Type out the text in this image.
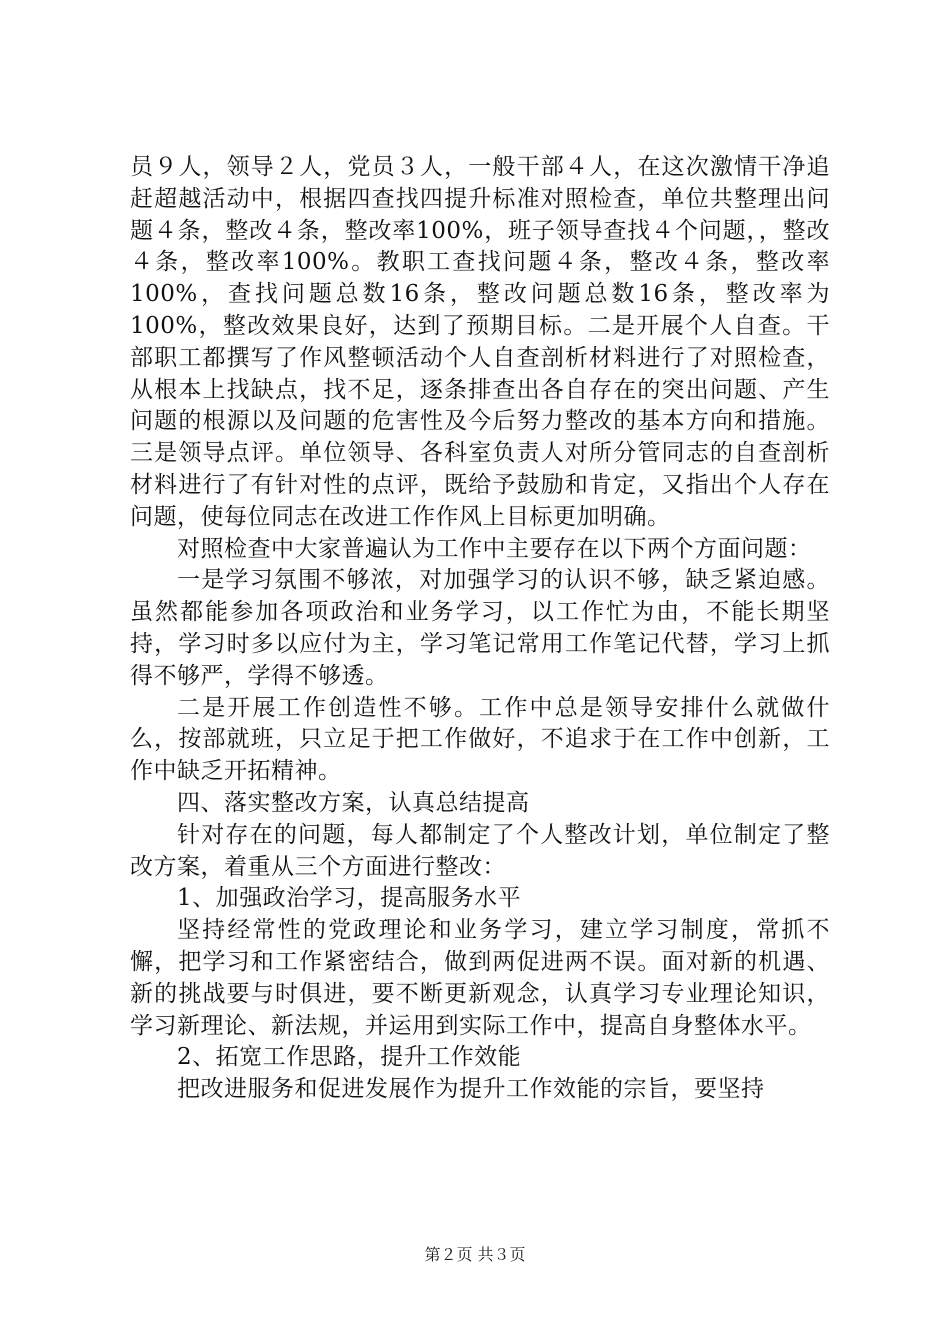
员９人，领导２人，党员３人，一般干部４人，在这次激情干净追赶超越活动中，根据四查找四提升标准对照检查，单位共整理出问题４条，整改４条，整改率100%，班子领导查找４个问题，，整改４条，整改率100%。教职工查找问题４条，整改４条，整改率100%，查找问题总数16条，整改问题总数16条，整改率为100%，整改效果良好，达到了预期目标。二是开展个人自查。干部职工都撰写了作风整顿活动个人自查剖析材料进行了对照检查，从根本上找缺点，找不足，逐条排查出各自存在的突出问题、产生问题的根源以及问题的危害性及今后努力整改的基本方向和措施。三是领导点评。单位领导、各科室负责人对所分管同志的自查剖析材料进行了有针对性的点评，既给予鼓励和肯定，又指出个人存在问题，使每位同志在改进工作作风上目标更加明确。

对照检查中大家普遍认为工作中主要存在以下两个方面问题：

一是学习氛围不够浓，对加强学习的认识不够，缺乏紧迫感。虽然都能参加各项政治和业务学习，以工作忙为由，不能长期坚持，学习时多以应付为主，学习笔记常用工作笔记代替，学习上抓得不够严，学得不够透。

二是开展工作创造性不够。工作中总是领导安排什么就做什么，按部就班，只立足于把工作做好，不追求于在工作中创新，工作中缺乏开拓精神。

四、落实整改方案，认真总结提高

针对存在的问题，每人都制定了个人整改计划，单位制定了整改方案，着重从三个方面进行整改：

1、加强政治学习，提高服务水平

坚持经常性的党政理论和业务学习，建立学习制度，常抓不懈，把学习和工作紧密结合，做到两促进两不误。面对新的机遇、新的挑战要与时俱进，要不断更新观念，认真学习专业理论知识，学习新理论、新法规，并运用到实际工作中，提高自身整体水平。

2、拓宽工作思路，提升工作效能

把改进服务和促进发展作为提升工作效能的宗旨，要坚持

第２页 共３页
